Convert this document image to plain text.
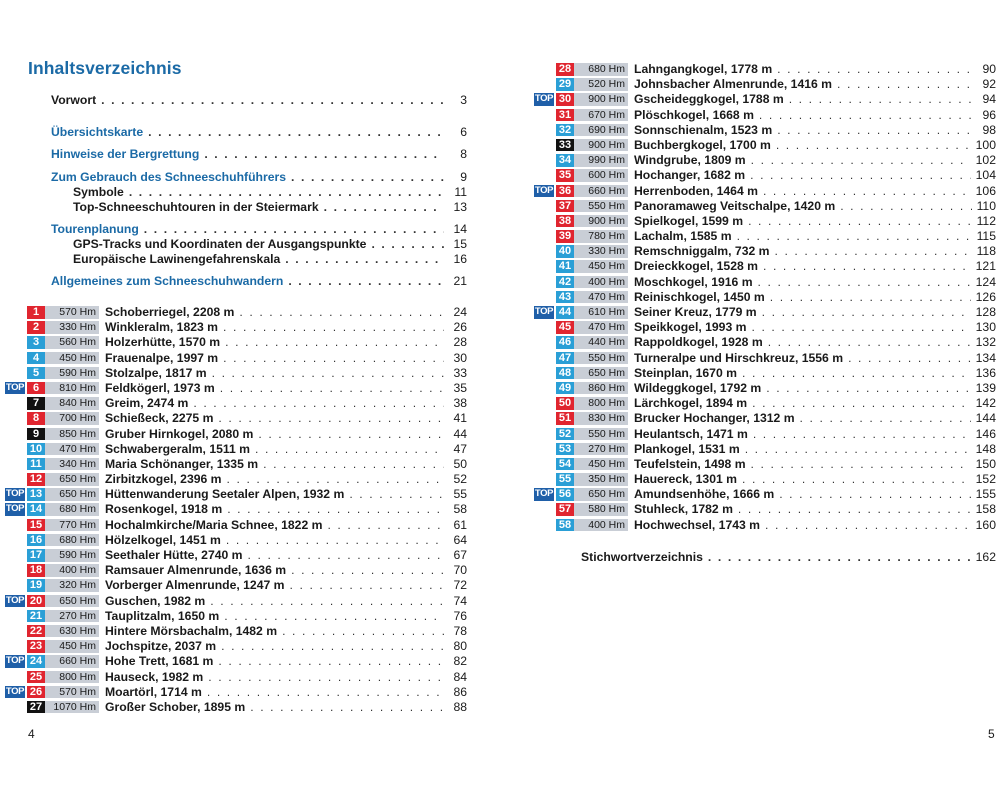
Inhaltsverzeichnis
Vorwort . . .	3
Übersichtskarte . . .	6
Hinweise der Bergrettung . . .	8
Zum Gebrauch des Schneeschuhführers . . .	9
Symbole . . .	11
Top-Schneeschuhtouren in der Steiermark . . .	13
Tourenplanung . . .	14
GPS-Tracks und Koordinaten der Ausgangspunkte . . .	15
Europäische Lawinengefahrenskala . . .	16
Allgemeines zum Schneeschuhwandern . . .	21
1	570 Hm Schoberriegel, 2208 m . . .	24
2	330 Hm Winkleralm, 1823 m . . .	26
3	560 Hm Holzerhütte, 1570 m . . .	28
4	450 Hm Frauenalpe, 1997 m . . .	30
5	590 Hm Stolzalpe, 1817 m . . .	33
TOP 6	810 Hm Feldkögerl, 1973 m . . .	35
7	840 Hm Greim, 2474 m . . .	38
8	700 Hm Schießeck, 2275 m . . .	41
9	850 Hm Gruber Hirnkogel, 2080 m . . .	44
10	470 Hm Schwabergeralm, 1511 m . . .	47
11	340 Hm Maria Schönanger, 1335 m . . .	50
12	650 Hm Zirbitzkogel, 2396 m . . .	52
TOP 13	650 Hm Hüttenwanderung Seetaler Alpen, 1932 m . . .	55
TOP 14	680 Hm Rosenkogel, 1918 m . . .	58
15	770 Hm Hochalmkirche/Maria Schnee, 1822 m . . .	61
16	680 Hm Hölzelkogel, 1451 m . . .	64
17	590 Hm Seethaler Hütte, 2740 m . . .	67
18	400 Hm Ramsauer Almenrunde, 1636 m . . .	70
19	320 Hm Vorberger Almenrunde, 1247 m . . .	72
TOP 20	650 Hm Guschen, 1982 m . . .	74
21	270 Hm Tauplitzalm, 1650 m . . .	76
22	630 Hm Hintere Mörsbachalm, 1482 m . . .	78
23	450 Hm Jochspitze, 2037 m . . .	80
TOP 24	660 Hm Hohe Trett, 1681 m . . .	82
25	800 Hm Hauseck, 1982 m . . .	84
TOP 26	570 Hm Moartörl, 1714 m . . .	86
27	1070 Hm Großer Schober, 1895 m . . .	88
4
28	680 Hm Lahngangkogel, 1778 m . . .	90
29	520 Hm Johnsbacher Almenrunde, 1416 m . . .	92
TOP 30	900 Hm Gscheideggkogel, 1788 m . . .	94
31	670 Hm Plöschkogel, 1668 m . . .	96
32	690 Hm Sonnschienalm, 1523 m . . .	98
33	900 Hm Buchbergkogel, 1700 m . . .	100
34	990 Hm Windgrube, 1809 m . . .	102
35	600 Hm Hochanger, 1682 m . . .	104
TOP 36	660 Hm Herrenboden, 1464 m . . .	106
37	550 Hm Panoramaweg Veitschalpe, 1420 m . . .	110
38	900 Hm Spielkogel, 1599 m . . .	112
39	780 Hm Lachalm, 1585 m . . .	115
40	330 Hm Remschniggalm, 732 m . . .	118
41	450 Hm Dreieckkogel, 1528 m . . .	121
42	400 Hm Moschkogel, 1916 m . . .	124
43	470 Hm Reinischkogel, 1450 m . . .	126
TOP 44	610 Hm Seiner Kreuz, 1779 m . . .	128
45	470 Hm Speikkogel, 1993 m . . .	130
46	440 Hm Rappoldkogel, 1928 m . . .	132
47	550 Hm Turneralpe und Hirschkreuz, 1556 m . . .	134
48	650 Hm Steinplan, 1670 m . . .	136
49	860 Hm Wildeggkogel, 1792 m . . .	139
50	800 Hm Lärchkogel, 1894 m . . .	142
51	830 Hm Brucker Hochanger, 1312 m . . .	144
52	550 Hm Heulantsch, 1471 m . . .	146
53	270 Hm Plankogel, 1531 m . . .	148
54	450 Hm Teufelstein, 1498 m . . .	150
55	350 Hm Hauereck, 1301 m . . .	152
TOP 56	650 Hm Amundsenhöhe, 1666 m . . .	155
57	580 Hm Stuhleck, 1782 m . . .	158
58	400 Hm Hochwechsel, 1743 m . . .	160
Stichwortverzeichnis . . .	162
5
